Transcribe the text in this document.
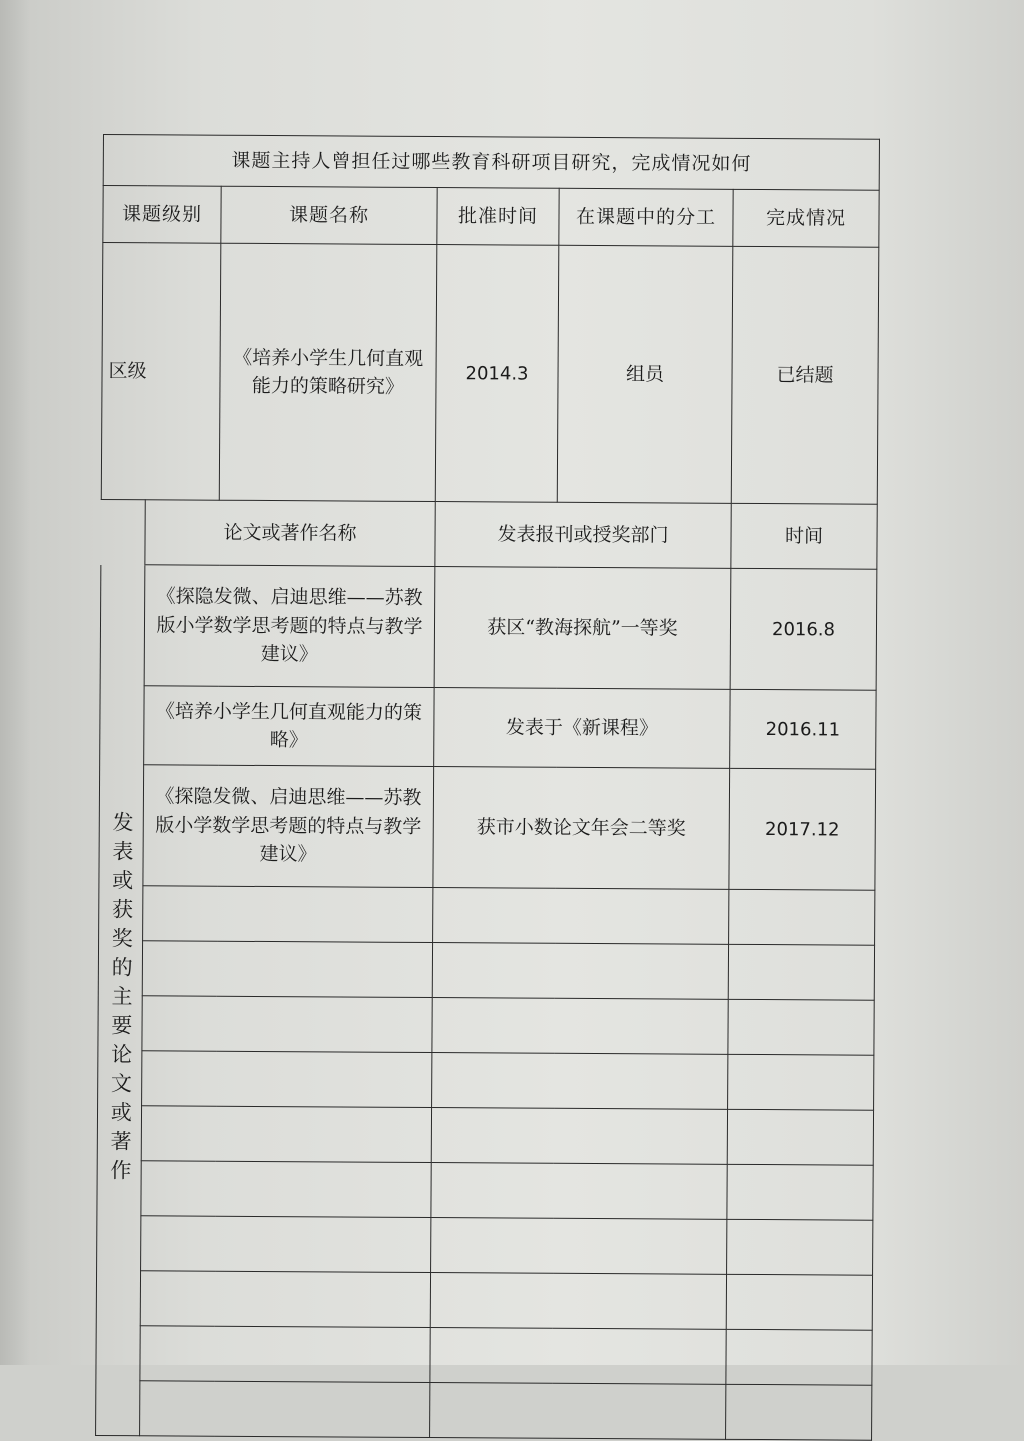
课题主持人曾担任过哪些教育科研项目研究，完成情况如何					
课题级别		课题名称	批准时间	在课题中的分工	完成情况
区级		《培养小学生几何直观能力的策略研究》	2014.3	组员	已结题
	论文或著作名称		发表报刊或授奖部门		时间

发表或获奖的主要论文或著作	《探隐发微、启迪思维——苏教版小学数学思考题的特点与教学建议》		获区“教海探航”一等奖		2016.8
	《培养小学生几何直观能力的策略》		发表于《新课程》		2016.11
	《探隐发微、启迪思维——苏教版小学数学思考题的特点与教学建议》		获市小数论文年会二等奖		2017.12
